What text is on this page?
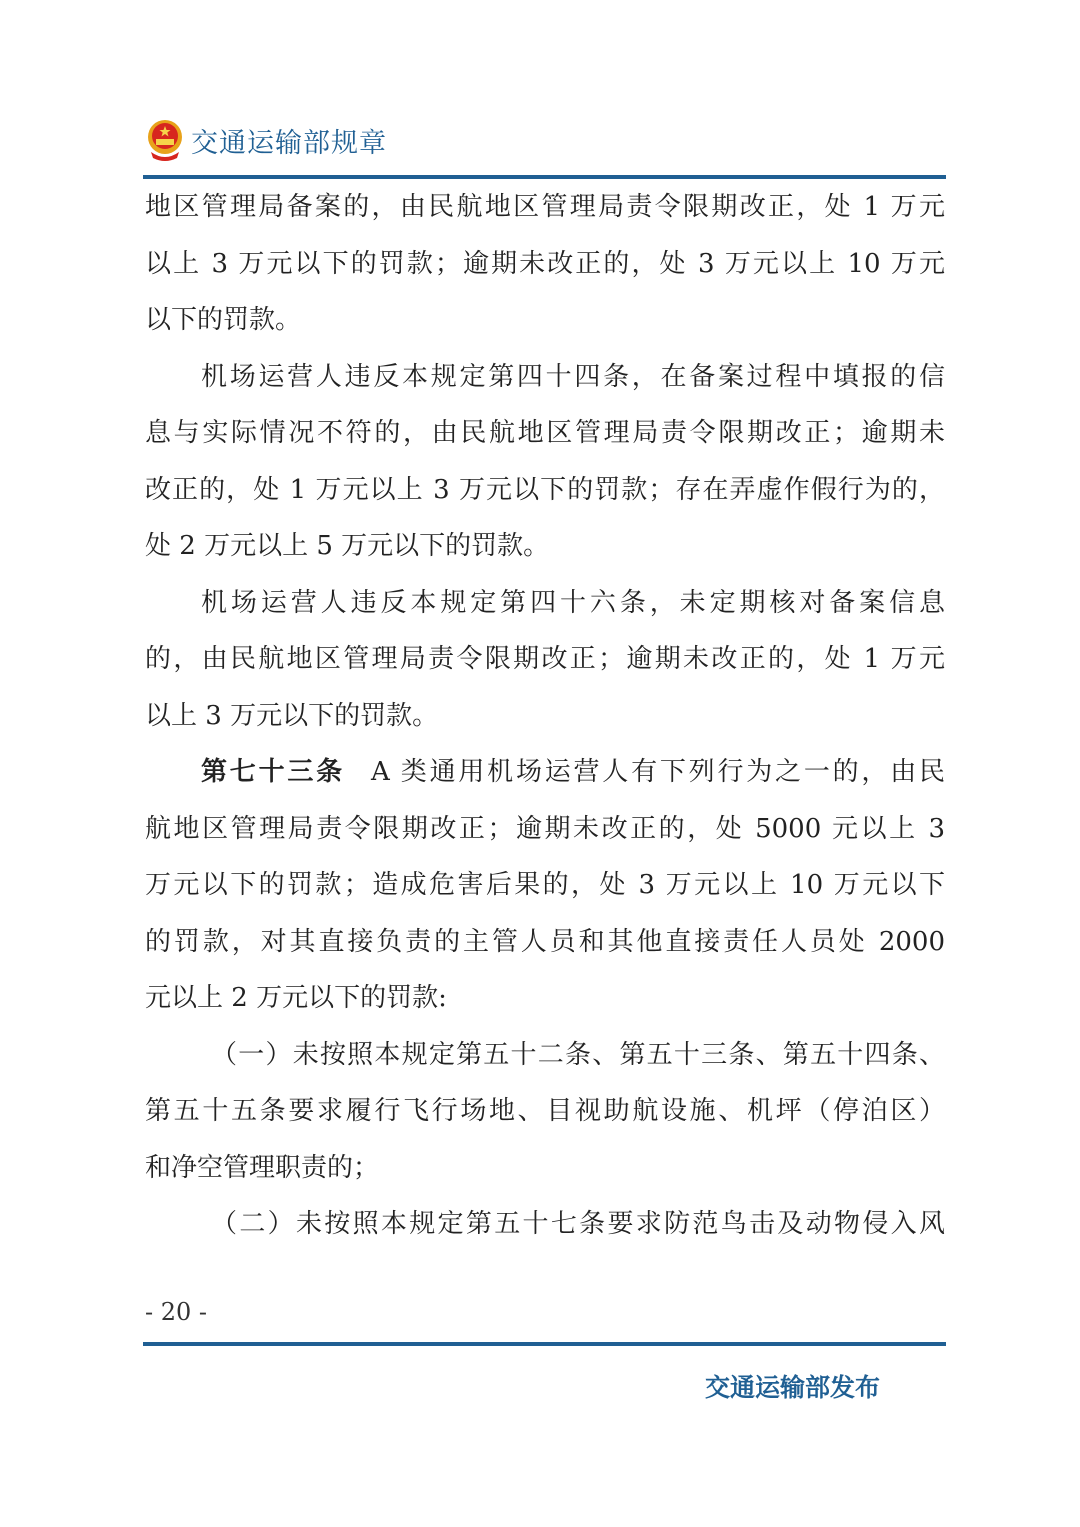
交通运输部规章
地区管理局备案的，由民航地区管理局责令限期改正，处 1 万元
以上 3 万元以下的罚款；逾期未改正的，处 3 万元以上 10 万元
以下的罚款。
机场运营人违反本规定第四十四条，在备案过程中填报的信
息与实际情况不符的，由民航地区管理局责令限期改正；逾期未
改正的，处 1 万元以上 3 万元以下的罚款；存在弄虚作假行为的，
处 2 万元以上 5 万元以下的罚款。
机场运营人违反本规定第四十六条，未定期核对备案信息
的，由民航地区管理局责令限期改正；逾期未改正的，处 1 万元
以上 3 万元以下的罚款。
第七十三条 A 类通用机场运营人有下列行为之一的，由民
航地区管理局责令限期改正；逾期未改正的，处 5000 元以上 3
万元以下的罚款；造成危害后果的，处 3 万元以上 10 万元以下
的罚款，对其直接负责的主管人员和其他直接责任人员处 2000
元以上 2 万元以下的罚款:
（一）未按照本规定第五十二条、第五十三条、第五十四条、
第五十五条要求履行飞行场地、目视助航设施、机坪（停泊区）
和净空管理职责的；
（二）未按照本规定第五十七条要求防范鸟击及动物侵入风
- 20 -
交通运输部发布
